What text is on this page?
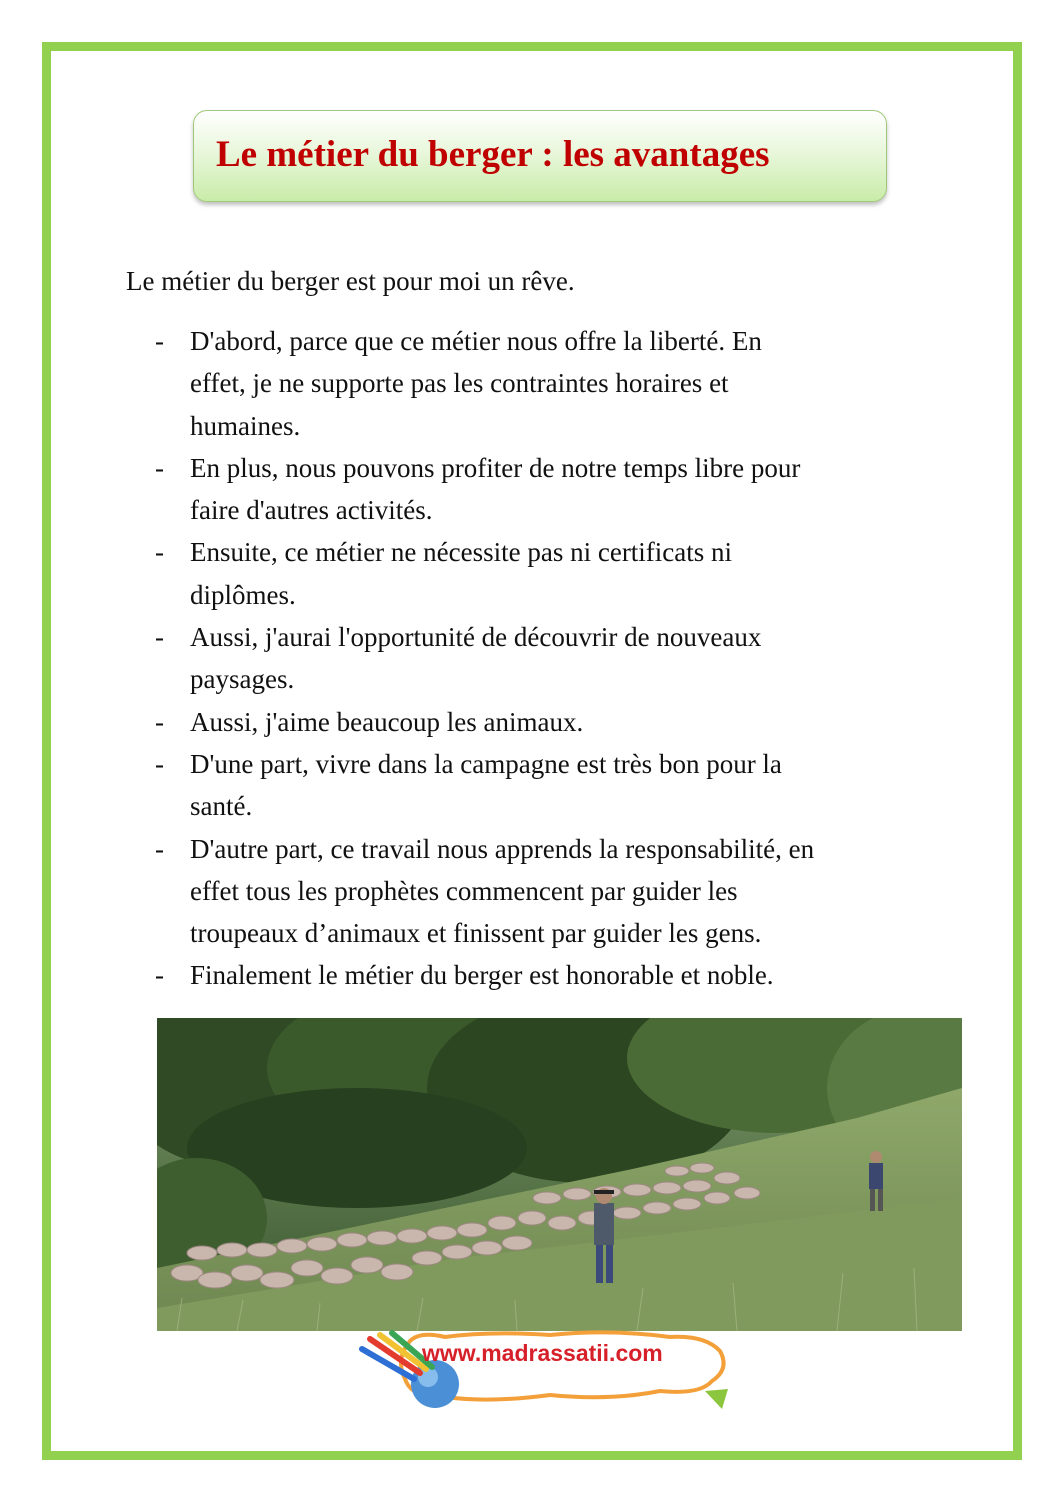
Le métier du berger : les avantages
Le métier du berger est pour moi un rêve.
- D'abord, parce que ce métier nous offre la liberté. En
effet, je ne supporte pas les contraintes horaires et
humaines.
- En plus, nous pouvons profiter de notre temps libre pour
faire d'autres activités.
- Ensuite, ce métier ne nécessite pas ni certificats ni
diplômes.
- Aussi, j'aurai l'opportunité de découvrir de nouveaux
paysages.
- Aussi, j'aime beaucoup les animaux.
- D'une part, vivre dans la campagne est très bon pour la
santé.
- D'autre part, ce travail nous apprends la responsabilité, en
effet tous les prophètes commencent par guider les
troupeaux d’animaux et finissent par guider les gens.
- Finalement le métier du berger est honorable et noble.
www.madrassatii.com
